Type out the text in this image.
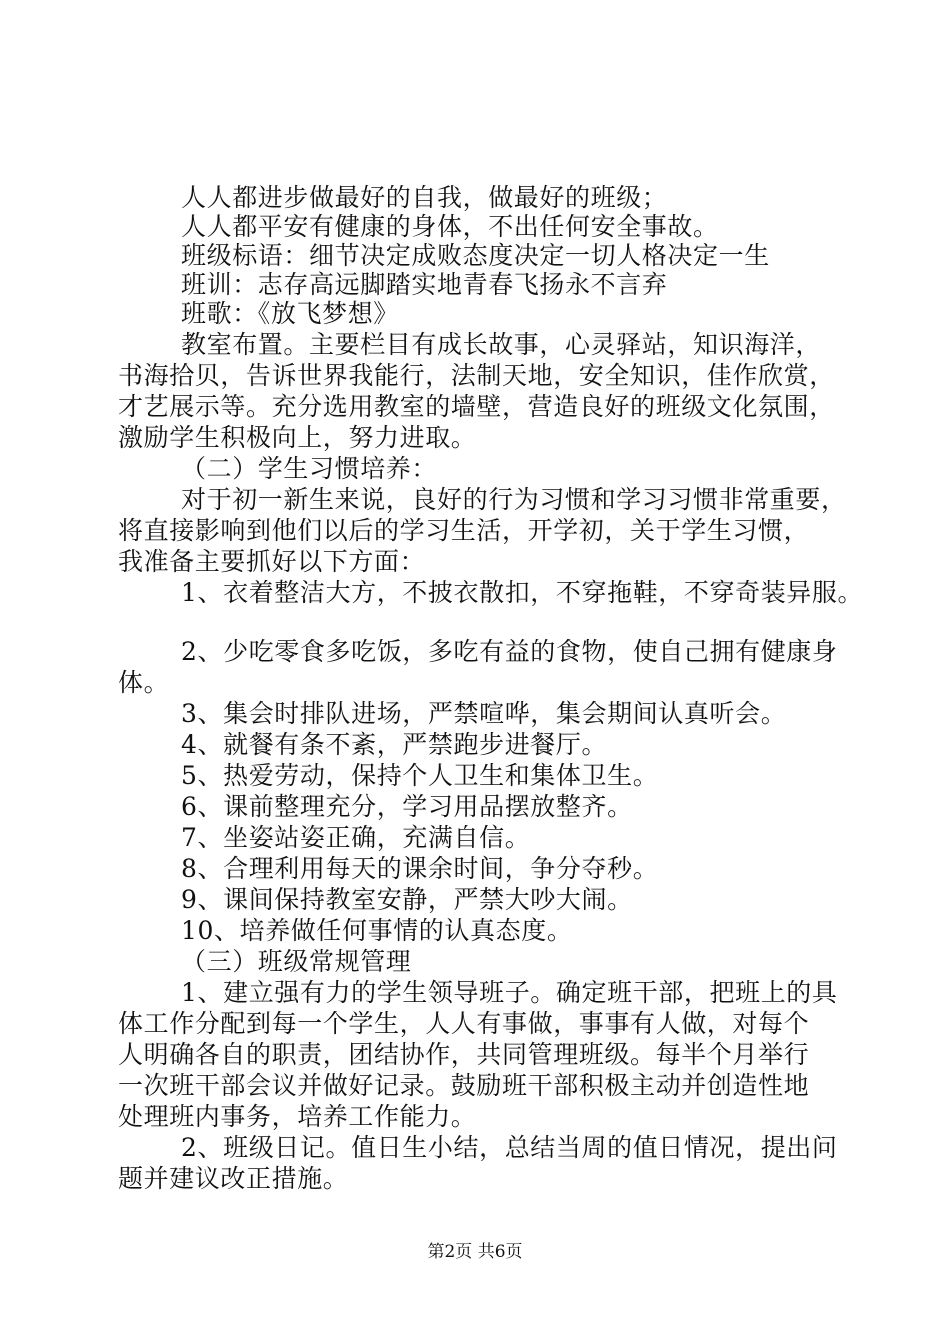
人人都进步做最好的自我，做最好的班级；
人人都平安有健康的身体，不出任何安全事故。
班级标语：细节决定成败态度决定一切人格决定一生
班训：志存高远脚踏实地青春飞扬永不言弃
班歌：《放飞梦想》
教室布置。主要栏目有成长故事，心灵驿站，知识海洋，
书海拾贝，告诉世界我能行，法制天地，安全知识，佳作欣赏，
才艺展示等。充分选用教室的墙壁，营造良好的班级文化氛围，
激励学生积极向上，努力进取。
（二）学生习惯培养：
对于初一新生来说，良好的行为习惯和学习习惯非常重要，
将直接影响到他们以后的学习生活，开学初，关于学生习惯，
我准备主要抓好以下方面：
1、衣着整洁大方，不披衣散扣，不穿拖鞋，不穿奇装异服。
2、少吃零食多吃饭，多吃有益的食物，使自己拥有健康身
体。
3、集会时排队进场，严禁喧哗，集会期间认真听会。
4、就餐有条不紊，严禁跑步进餐厅。
5、热爱劳动，保持个人卫生和集体卫生。
6、课前整理充分，学习用品摆放整齐。
7、坐姿站姿正确，充满自信。
8、合理利用每天的课余时间，争分夺秒。
9、课间保持教室安静，严禁大吵大闹。
10、培养做任何事情的认真态度。
（三）班级常规管理
1、建立强有力的学生领导班子。确定班干部，把班上的具
体工作分配到每一个学生，人人有事做，事事有人做，对每个
人明确各自的职责，团结协作，共同管理班级。每半个月举行
一次班干部会议并做好记录。鼓励班干部积极主动并创造性地
处理班内事务，培养工作能力。
2、班级日记。值日生小结，总结当周的值日情况，提出问
题并建议改正措施。
第2页 共6页
